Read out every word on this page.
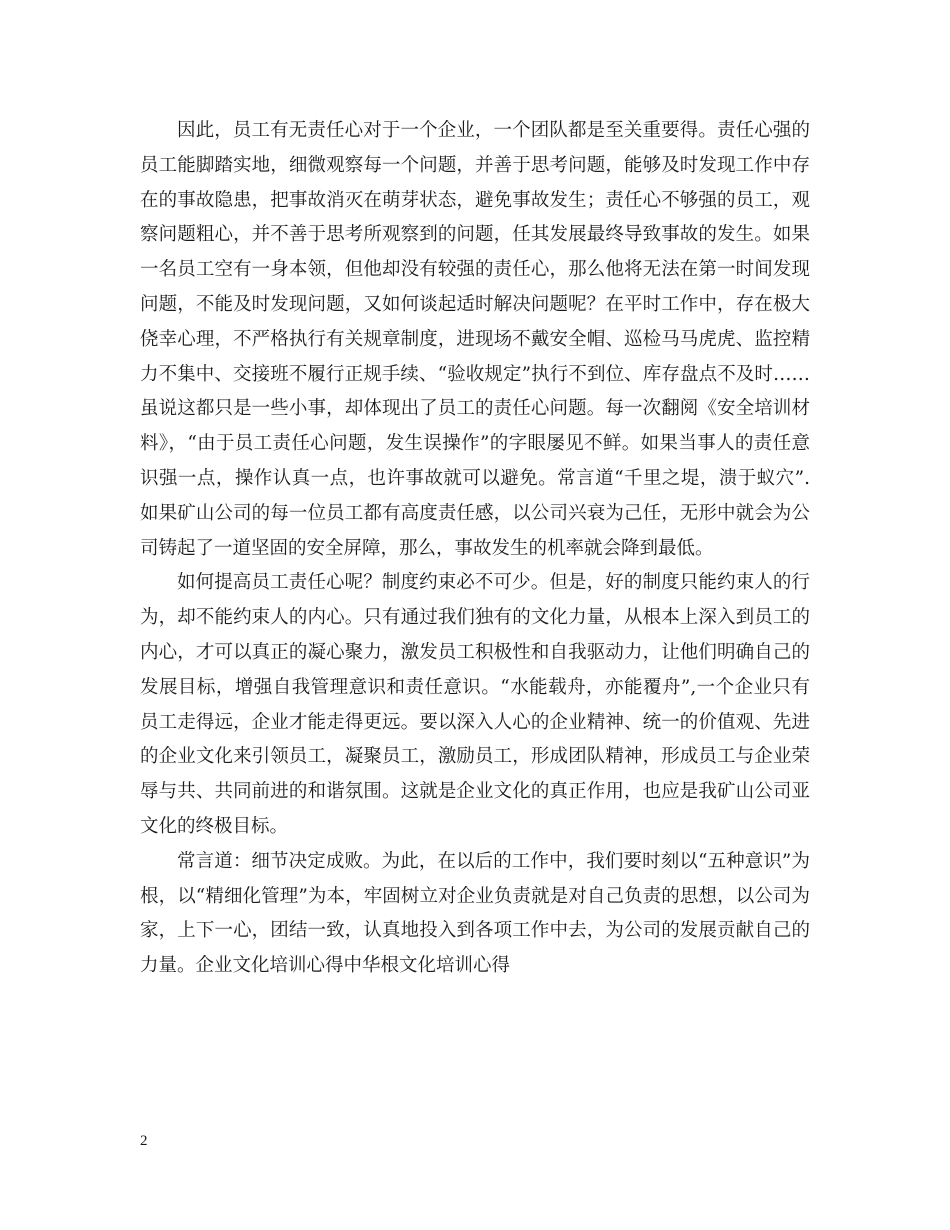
因此，员工有无责任心对于一个企业，一个团队都是至关重要得。责任心强的员工能脚踏实地，细微观察每一个问题，并善于思考问题，能够及时发现工作中存在的事故隐患，把事故消灭在萌芽状态，避免事故发生；责任心不够强的员工，观察问题粗心，并不善于思考所观察到的问题，任其发展最终导致事故的发生。如果一名员工空有一身本领，但他却没有较强的责任心，那么他将无法在第一时间发现问题，不能及时发现问题，又如何谈起适时解决问题呢？在平时工作中，存在极大侥幸心理，不严格执行有关规章制度，进现场不戴安全帽、巡检马马虎虎、监控精力不集中、交接班不履行正规手续、“验收规定”执行不到位、库存盘点不及时……虽说这都只是一些小事，却体现出了员工的责任心问题。每一次翻阅《安全培训材料》，“由于员工责任心问题，发生误操作”的字眼屡见不鲜。如果当事人的责任意识强一点，操作认真一点，也许事故就可以避免。常言道“千里之堤，溃于蚁穴”.如果矿山公司的每一位员工都有高度责任感，以公司兴衰为己任，无形中就会为公司铸起了一道坚固的安全屏障，那么，事故发生的机率就会降到最低。

如何提高员工责任心呢？制度约束必不可少。但是，好的制度只能约束人的行为，却不能约束人的内心。只有通过我们独有的文化力量，从根本上深入到员工的内心，才可以真正的凝心聚力，激发员工积极性和自我驱动力，让他们明确自己的发展目标，增强自我管理意识和责任意识。“水能载舟，亦能覆舟”,一个企业只有员工走得远，企业才能走得更远。要以深入人心的企业精神、统一的价值观、先进的企业文化来引领员工，凝聚员工，激励员工，形成团队精神，形成员工与企业荣辱与共、共同前进的和谐氛围。这就是企业文化的真正作用，也应是我矿山公司亚文化的终极目标。

常言道：细节决定成败。为此，在以后的工作中，我们要时刻以“五种意识”为根，以“精细化管理”为本，牢固树立对企业负责就是对自己负责的思想，以公司为家，上下一心，团结一致，认真地投入到各项工作中去，为公司的发展贡献自己的力量。企业文化培训心得中华根文化培训心得

2
